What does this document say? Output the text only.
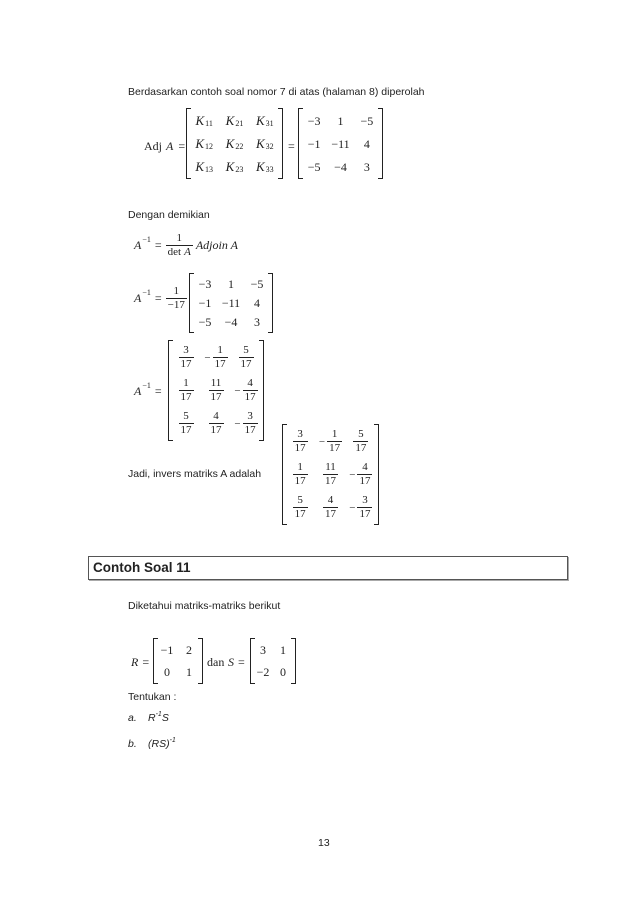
Berdasarkan contoh soal nomor 7 di atas (halaman 8) diperolah
Adj A =
K 11 K 21 K 31
K 12 K 22 K 32
K 13 K 23 K 33
=
−3 1 −5
−1 −11 4
−5 −4 3
Dengan demikian
$A -1 = \frac{1}{\text{det A}}$ Adjoin A
$A -1 = \frac{1}{-17}$
−3 1 −5
−1 −11 4
−5 −4 3
A −1 =
$\frac{3}{17} - \frac{1}{17} \frac{5}{17}$
$\frac{1}{17} \frac{11}{17} - \frac{4}{17}$
$\frac{5}{17} \frac{4}{17} - \frac{3}{17}$
Jadi, invers matriks A adalah
$\frac{3}{17} - \frac{1}{17} \frac{5}{17}$
$\frac{1}{17} \frac{11}{17} - \frac{4}{17}$
$\frac{5}{17} \frac{4}{17} - \frac{3}{17}$
Contoh Soal 11
Diketahui matriks-matriks berikut
R =
−1 2
0 1
dan S =
3 1
−2 0
Tentukan :
a.	R -1 S
b.	(RS) -1
13
